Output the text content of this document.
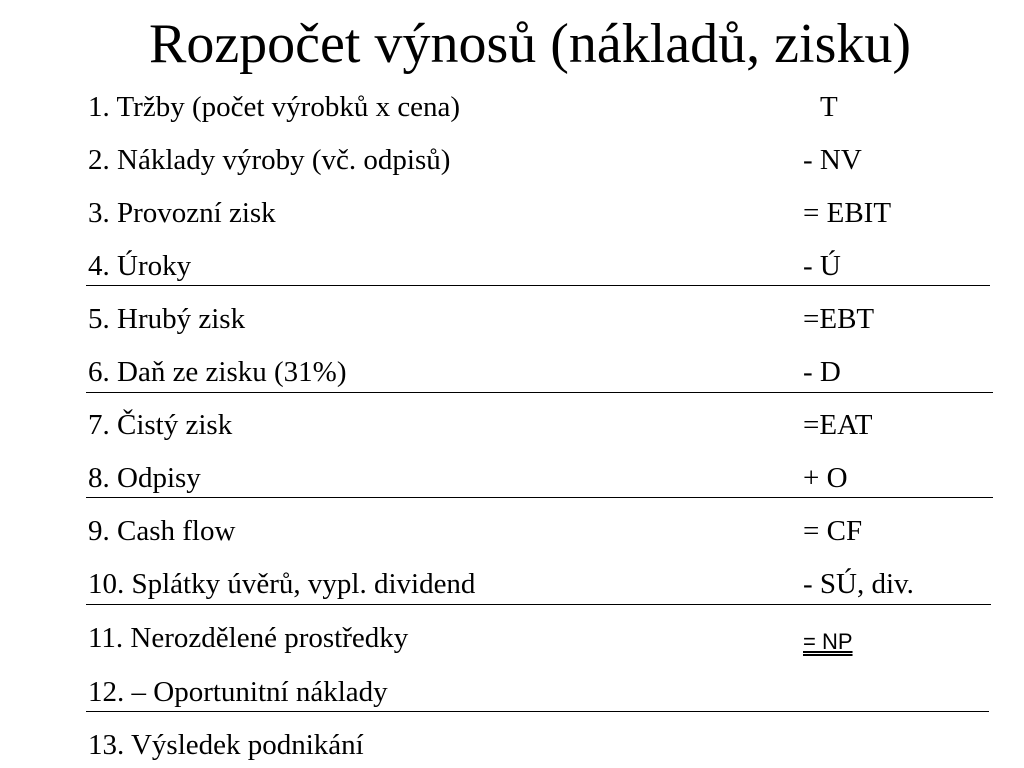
Rozpočet výnosů (nákladů, zisku)
1. Tržby (počet výrobků x cena)	T
2. Náklady výroby (vč. odpisů)	- NV
3. Provozní zisk	= EBIT
4. Úroky	- Ú
5. Hrubý zisk	=EBT
6. Daň ze zisku (31%)	- D
7. Čistý zisk	=EAT
8. Odpisy	+ O
9. Cash flow	= CF
10. Splátky úvěrů, vypl. dividend	- SÚ, div.
11. Nerozdělené prostředky	= NP
12. – Oportunitní náklady
13. Výsledek podnikání
